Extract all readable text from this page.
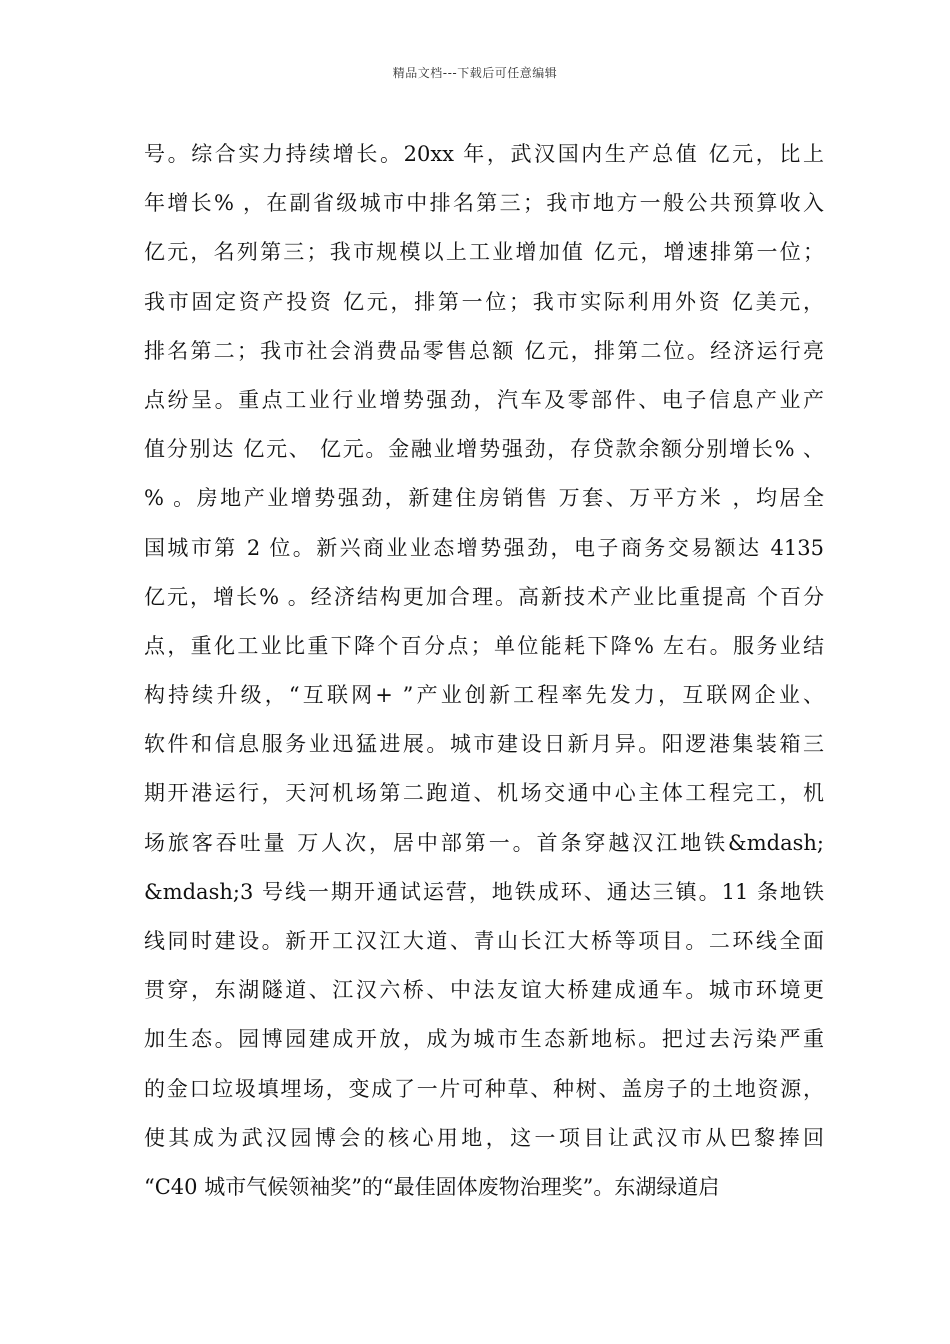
精品文档---下载后可任意编辑
号。综合实力持续增长。20xx 年，武汉国内生产总值 亿元，比上
年增长% ，在副省级城市中排名第三；我市地方一般公共预算收入
亿元，名列第三；我市规模以上工业增加值 亿元，增速排第一位；
我市固定资产投资 亿元，排第一位；我市实际利用外资 亿美元，
排名第二；我市社会消费品零售总额 亿元，排第二位。经济运行亮
点纷呈。重点工业行业增势强劲，汽车及零部件、电子信息产业产
值分别达 亿元、 亿元。金融业增势强劲，存贷款余额分别增长% 、
% 。房地产业增势强劲，新建住房销售 万套、万平方米 ，均居全
国城市第 2 位。新兴商业业态增势强劲，电子商务交易额达 4135
亿元，增长% 。经济结构更加合理。高新技术产业比重提高 个百分
点，重化工业比重下降个百分点；单位能耗下降% 左右。服务业结
构持续升级，“互联网+ ”产业创新工程率先发力，互联网企业、
软件和信息服务业迅猛进展。城市建设日新月异。阳逻港集装箱三
期开港运行，天河机场第二跑道、机场交通中心主体工程完工，机
场旅客吞吐量 万人次，居中部第一。首条穿越汉江地铁&mdash;
&mdash;3 号线一期开通试运营，地铁成环、通达三镇。11 条地铁
线同时建设。新开工汉江大道、青山长江大桥等项目。二环线全面
贯穿，东湖隧道、江汉六桥、中法友谊大桥建成通车。城市环境更
加生态。园博园建成开放，成为城市生态新地标。把过去污染严重
的金口垃圾填埋场，变成了一片可种草、种树、盖房子的土地资源，
使其成为武汉园博会的核心用地，这一项目让武汉市从巴黎捧回
“C40 城市气候领袖奖”的“最佳固体废物治理奖”。东湖绿道启
